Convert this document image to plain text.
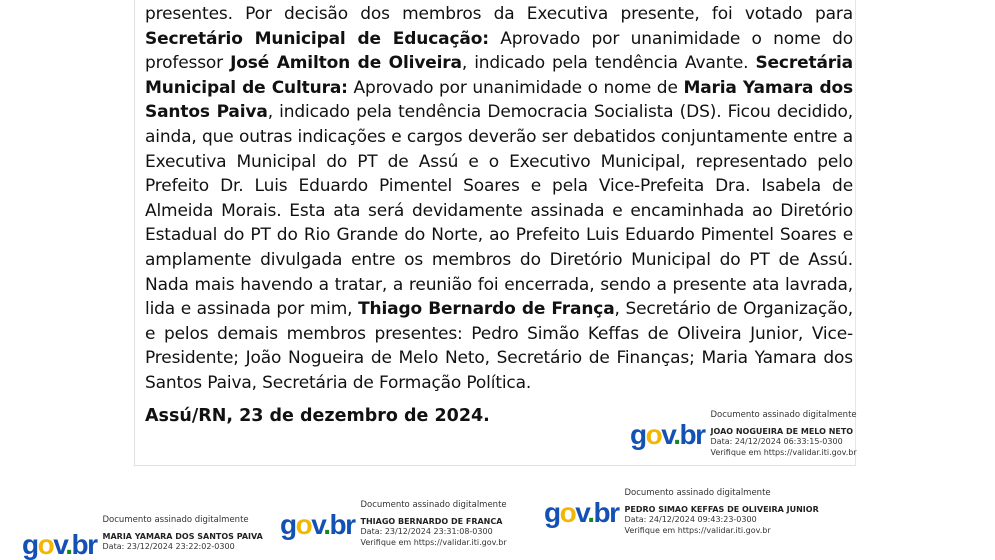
presentes. Por decisão dos membros da Executiva presente, foi votado para Secretário Municipal de Educação: Aprovado por unanimidade o nome do professor José Amilton de Oliveira, indicado pela tendência Avante. Secretária Municipal de Cultura: Aprovado por unanimidade o nome de Maria Yamara dos Santos Paiva, indicado pela tendência Democracia Socialista (DS). Ficou decidido, ainda, que outras indicações e cargos deverão ser debatidos conjuntamente entre a Executiva Municipal do PT de Assú e o Executivo Municipal, representado pelo Prefeito Dr. Luis Eduardo Pimentel Soares e pela Vice-Prefeita Dra. Isabela de Almeida Morais. Esta ata será devidamente assinada e encaminhada ao Diretório Estadual do PT do Rio Grande do Norte, ao Prefeito Luis Eduardo Pimentel Soares e amplamente divulgada entre os membros do Diretório Municipal do PT de Assú. Nada mais havendo a tratar, a reunião foi encerrada, sendo a presente ata lavrada, lida e assinada por mim, Thiago Bernardo de França, Secretário de Organização, e pelos demais membros presentes: Pedro Simão Keffas de Oliveira Junior, Vice-Presidente; João Nogueira de Melo Neto, Secretário de Finanças; Maria Yamara dos Santos Paiva, Secretária de Formação Política.

Assú/RN, 23 de dezembro de 2024.

gov.br
Documento assinado digitalmente
JOAO NOGUEIRA DE MELO NETO
Data: 24/12/2024 06:33:15-0300
Verifique em https://validar.iti.gov.br
gov.br
Documento assinado digitalmente
PEDRO SIMAO KEFFAS DE OLIVEIRA JUNIOR
Data: 24/12/2024 09:43:23-0300
Verifique em https://validar.iti.gov.br
gov.br
Documento assinado digitalmente
THIAGO BERNARDO DE FRANCA
Data: 23/12/2024 23:31:08-0300
Verifique em https://validar.iti.gov.br
gov.br
Documento assinado digitalmente
MARIA YAMARA DOS SANTOS PAIVA
Data: 23/12/2024 23:22:02-0300
